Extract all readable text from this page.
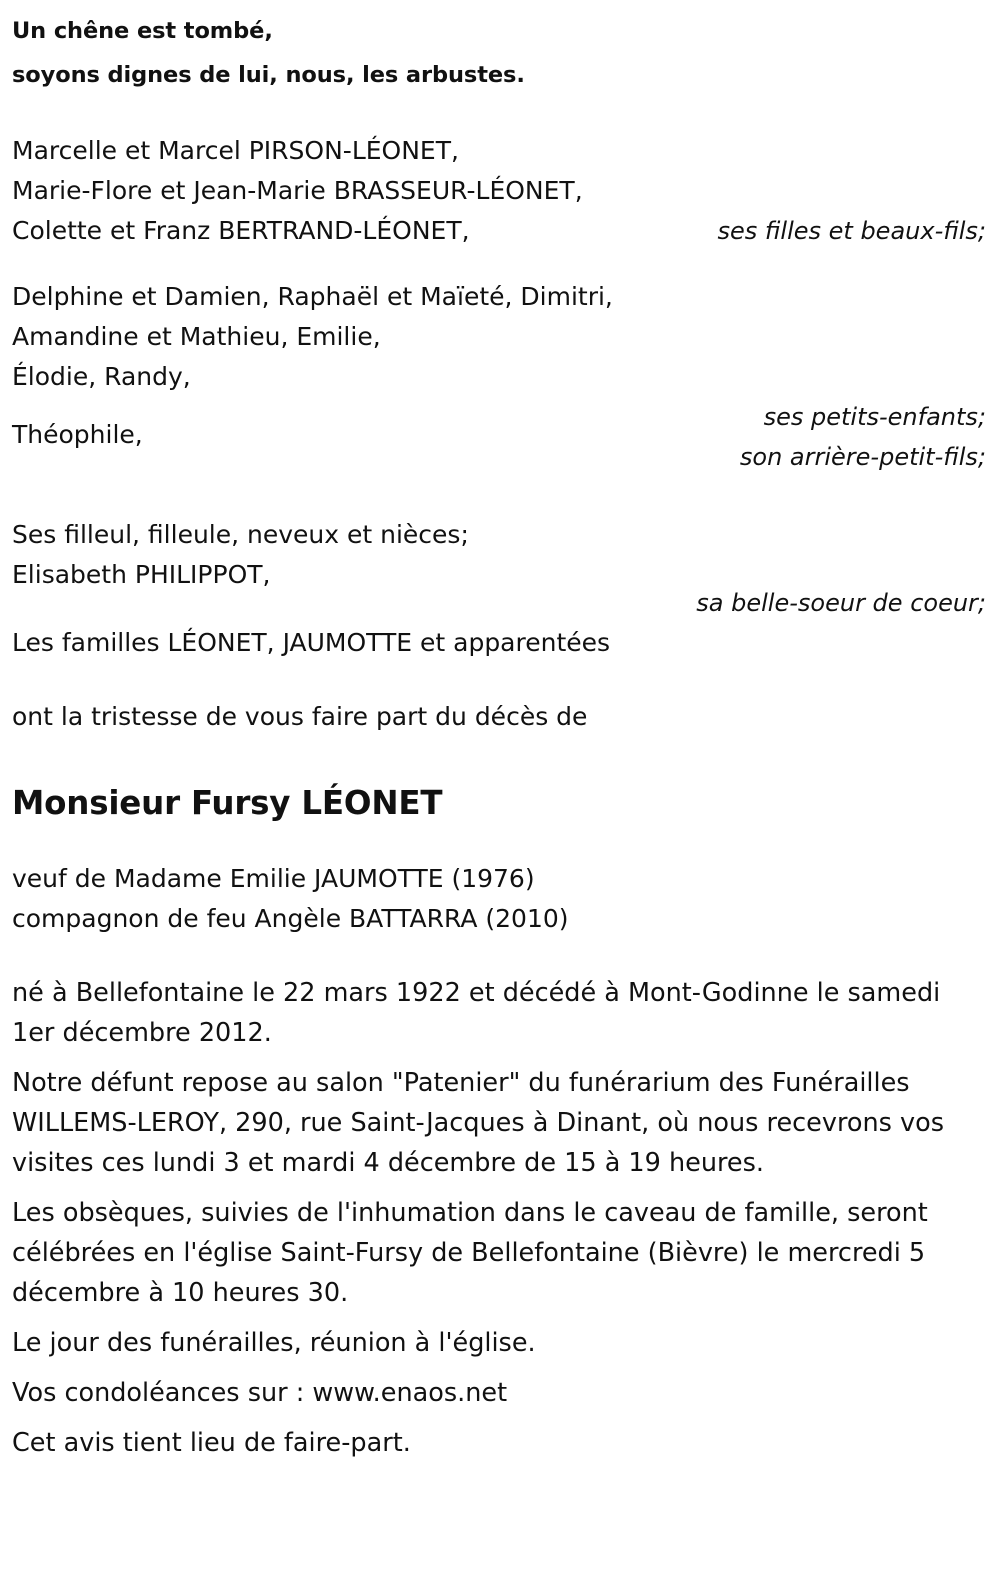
Un chêne est tombé,
soyons dignes de lui, nous, les arbustes.
Marcelle et Marcel PIRSON-LÉONET,
Marie-Flore et Jean-Marie BRASSEUR-LÉONET,
Colette et Franz BERTRAND-LÉONET,	ses filles et beaux-fils;
Delphine et Damien, Raphaël et Maïeté, Dimitri,
Amandine et Mathieu, Emilie,
Élodie, Randy,
ses petits-enfants;
Théophile,
son arrière-petit-fils;
Ses filleul, filleule, neveux et nièces;
Elisabeth PHILIPPOT,
sa belle-soeur de coeur;
Les familles LÉONET, JAUMOTTE et apparentées
ont la tristesse de vous faire part du décès de
Monsieur Fursy LÉONET
veuf de Madame Emilie JAUMOTTE (1976)
compagnon de feu Angèle BATTARRA (2010)
né à Bellefontaine le 22 mars 1922 et décédé à Mont-Godinne le samedi 1er décembre 2012.
Notre défunt repose au salon "Patenier" du funérarium des Funérailles WILLEMS-LEROY, 290, rue Saint-Jacques à Dinant, où nous recevrons vos visites ces lundi 3 et mardi 4 décembre de 15 à 19 heures.
Les obsèques, suivies de l'inhumation dans le caveau de famille, seront célébrées en l'église Saint-Fursy de Bellefontaine (Bièvre) le mercredi 5 décembre à 10 heures 30.
Le jour des funérailles, réunion à l'église.
Vos condoléances sur : www.enaos.net
Cet avis tient lieu de faire-part.
